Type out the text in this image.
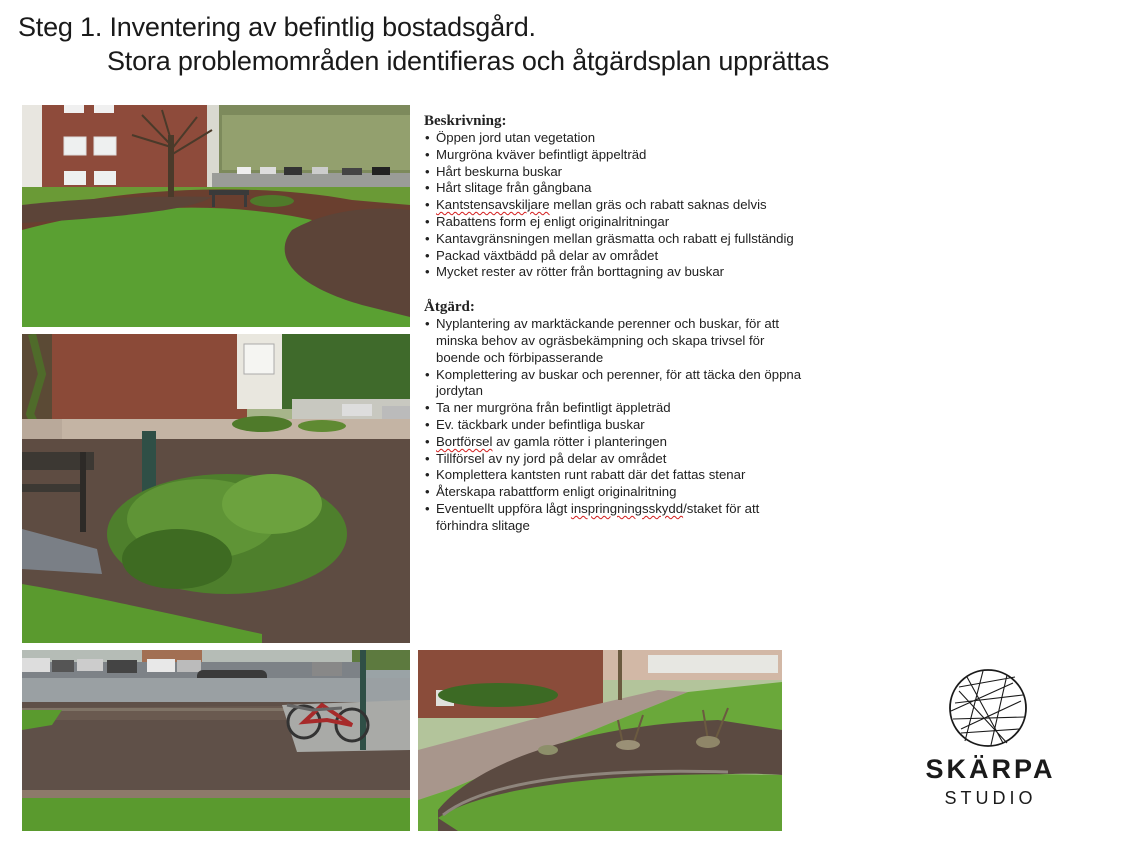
Steg 1. Inventering av befintlig bostadsgård.
Stora problemområden identifieras och åtgärdsplan upprättas
Beskrivning:
• Öppen jord utan vegetation
• Murgröna kväver befintligt äppelträd
• Hårt beskurna buskar
• Hårt slitage från gångbana
• Kantstensavskiljare mellan gräs och rabatt saknas delvis
• Rabattens form ej enligt originalritningar
• Kantavgränsningen mellan gräsmatta och rabatt ej fullständig
• Packad växtbädd på delar av området
• Mycket rester av rötter från borttagning av buskar
Åtgärd:
• Nyplantering av marktäckande perenner och buskar, för att minska behov av ogräsbekämpning och skapa trivsel för boende och förbipasserande
• Komplettering av buskar och perenner, för att täcka den öppna jordytan
• Ta ner murgröna från befintligt äppleträd
• Ev. täckbark under befintliga buskar
• Bortförsel av gamla rötter i planteringen
• Tillförsel av ny jord på delar av området
• Komplettera kantsten runt rabatt där det fattas stenar
• Återskapa rabattform enligt originalritning
• Eventuellt uppföra lågt inspringningsskydd/staket för att förhindra slitage
SKÄRPA
STUDIO
